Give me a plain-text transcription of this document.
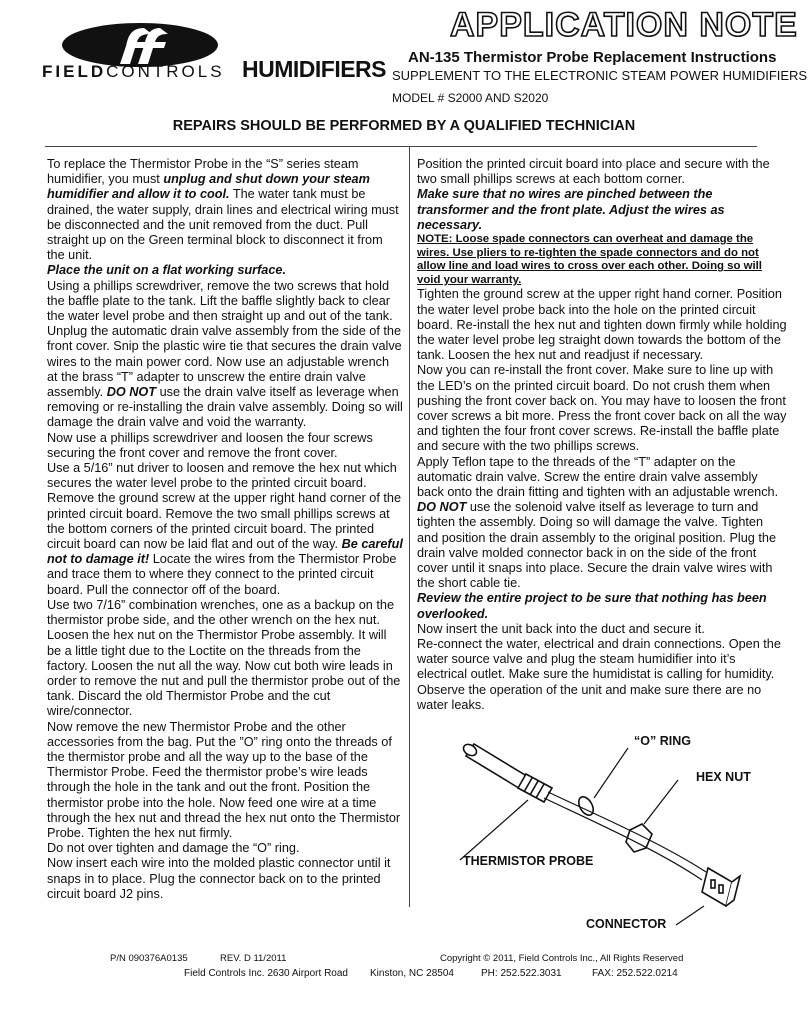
FIELDCONTROLS HUMIDIFIERS
APPLICATION NOTE
AN-135 Thermistor Probe Replacement Instructions
SUPPLEMENT TO THE ELECTRONIC STEAM POWER HUMIDIFIERS
MODEL # S2000 AND S2020
REPAIRS SHOULD BE PERFORMED BY A QUALIFIED TECHNICIAN

To replace the Thermistor Probe in the “S” series steam humidifier, you must unplug and shut down your steam humidifier and allow it to cool. The water tank must be drained, the water supply, drain lines and electrical wiring must be disconnected and the unit removed from the duct. Pull straight up on the Green terminal block to disconnect it from the unit.

Place the unit on a flat working surface.

Using a phillips screwdriver, remove the two screws that hold the baffle plate to the tank. Lift the baffle slightly back to clear the water level probe and then straight up and out of the tank.

Unplug the automatic drain valve assembly from the side of the front cover. Snip the plastic wire tie that secures the drain valve wires to the main power cord. Now use an adjustable wrench at the brass “T” adapter to unscrew the entire drain valve assembly. DO NOT use the drain valve itself as leverage when removing or re-installing the drain valve assembly. Doing so will damage the drain valve and void the warranty.

Now use a phillips screwdriver and loosen the four screws securing the front cover and remove the front cover.

Use a 5/16” nut driver to loosen and remove the hex nut which secures the water level probe to the printed circuit board. Remove the ground screw at the upper right hand corner of the printed circuit board. Remove the two small phillips screws at the bottom corners of the printed circuit board. The printed circuit board can now be laid flat and out of the way. Be careful not to damage it! Locate the wires from the Thermistor Probe and trace them to where they connect to the printed circuit board. Pull the connector off of the board.

Use two 7/16” combination wrenches, one as a backup on the thermistor probe side, and the other wrench on the hex nut. Loosen the hex nut on the Thermistor Probe assembly. It will be a little tight due to the Loctite on the threads from the factory. Loosen the nut all the way. Now cut both wire leads in order to remove the nut and pull the thermistor probe out of the tank. Discard the old Thermistor Probe and the cut wire/connector.

Now remove the new Thermistor Probe and the other accessories from the bag. Put the ”O” ring onto the threads of the thermistor probe and all the way up to the base of the Thermistor Probe. Feed the thermistor probe’s wire leads through the hole in the tank and out the front. Position the thermistor probe into the hole. Now feed one wire at a time through the hex nut and thread the hex nut onto the Thermistor Probe. Tighten the hex nut firmly.

Do not over tighten and damage the “O” ring.

Now insert each wire into the molded plastic connector until it snaps in to place. Plug the connector back on to the printed circuit board J2 pins.

Position the printed circuit board into place and secure with the two small phillips screws at each bottom corner.

Make sure that no wires are pinched between the transformer and the front plate. Adjust the wires as necessary.

NOTE: Loose spade connectors can overheat and damage the wires. Use pliers to re-tighten the spade connectors and do not allow line and load wires to cross over each other. Doing so will void your warranty.

Tighten the ground screw at the upper right hand corner. Position the water level probe back into the hole on the printed circuit board. Re-install the hex nut and tighten down firmly while holding the water level probe leg straight down towards the bottom of the tank. Loosen the hex nut and readjust if necessary.

Now you can re-install the front cover. Make sure to line up with the LED’s on the printed circuit board. Do not crush them when pushing the front cover back on. You may have to loosen the front cover screws a bit more. Press the front cover back on all the way and tighten the four front cover screws. Re-install the baffle plate and secure with the two phillips screws.

Apply Teflon tape to the threads of the “T” adapter on the automatic drain valve. Screw the entire drain valve assembly back onto the drain fitting and tighten with an adjustable wrench. DO NOT use the solenoid valve itself as leverage to turn and tighten the assembly. Doing so will damage the valve. Tighten and position the drain assembly to the original position. Plug the drain valve molded connector back in on the side of the front cover until it snaps into place. Secure the drain valve wires with the short cable tie.

Review the entire project to be sure that nothing has been overlooked.

Now insert the unit back into the duct and secure it.

Re-connect the water, electrical and drain connections. Open the water source valve and plug the steam humidifier into it’s electrical outlet. Make sure the humidistat is calling for humidity. Observe the operation of the unit and make sure there are no water leaks.

“O” RING
HEX NUT
THERMISTOR PROBE
CONNECTOR
P/N 090376A0135	REV. D 11/2011	Copyright © 2011, Field Controls Inc., All Rights Reserved
Field Controls Inc. 2630 Airport Road Kinston, NC 28504	PH: 252.522.3031	FAX: 252.522.0214
